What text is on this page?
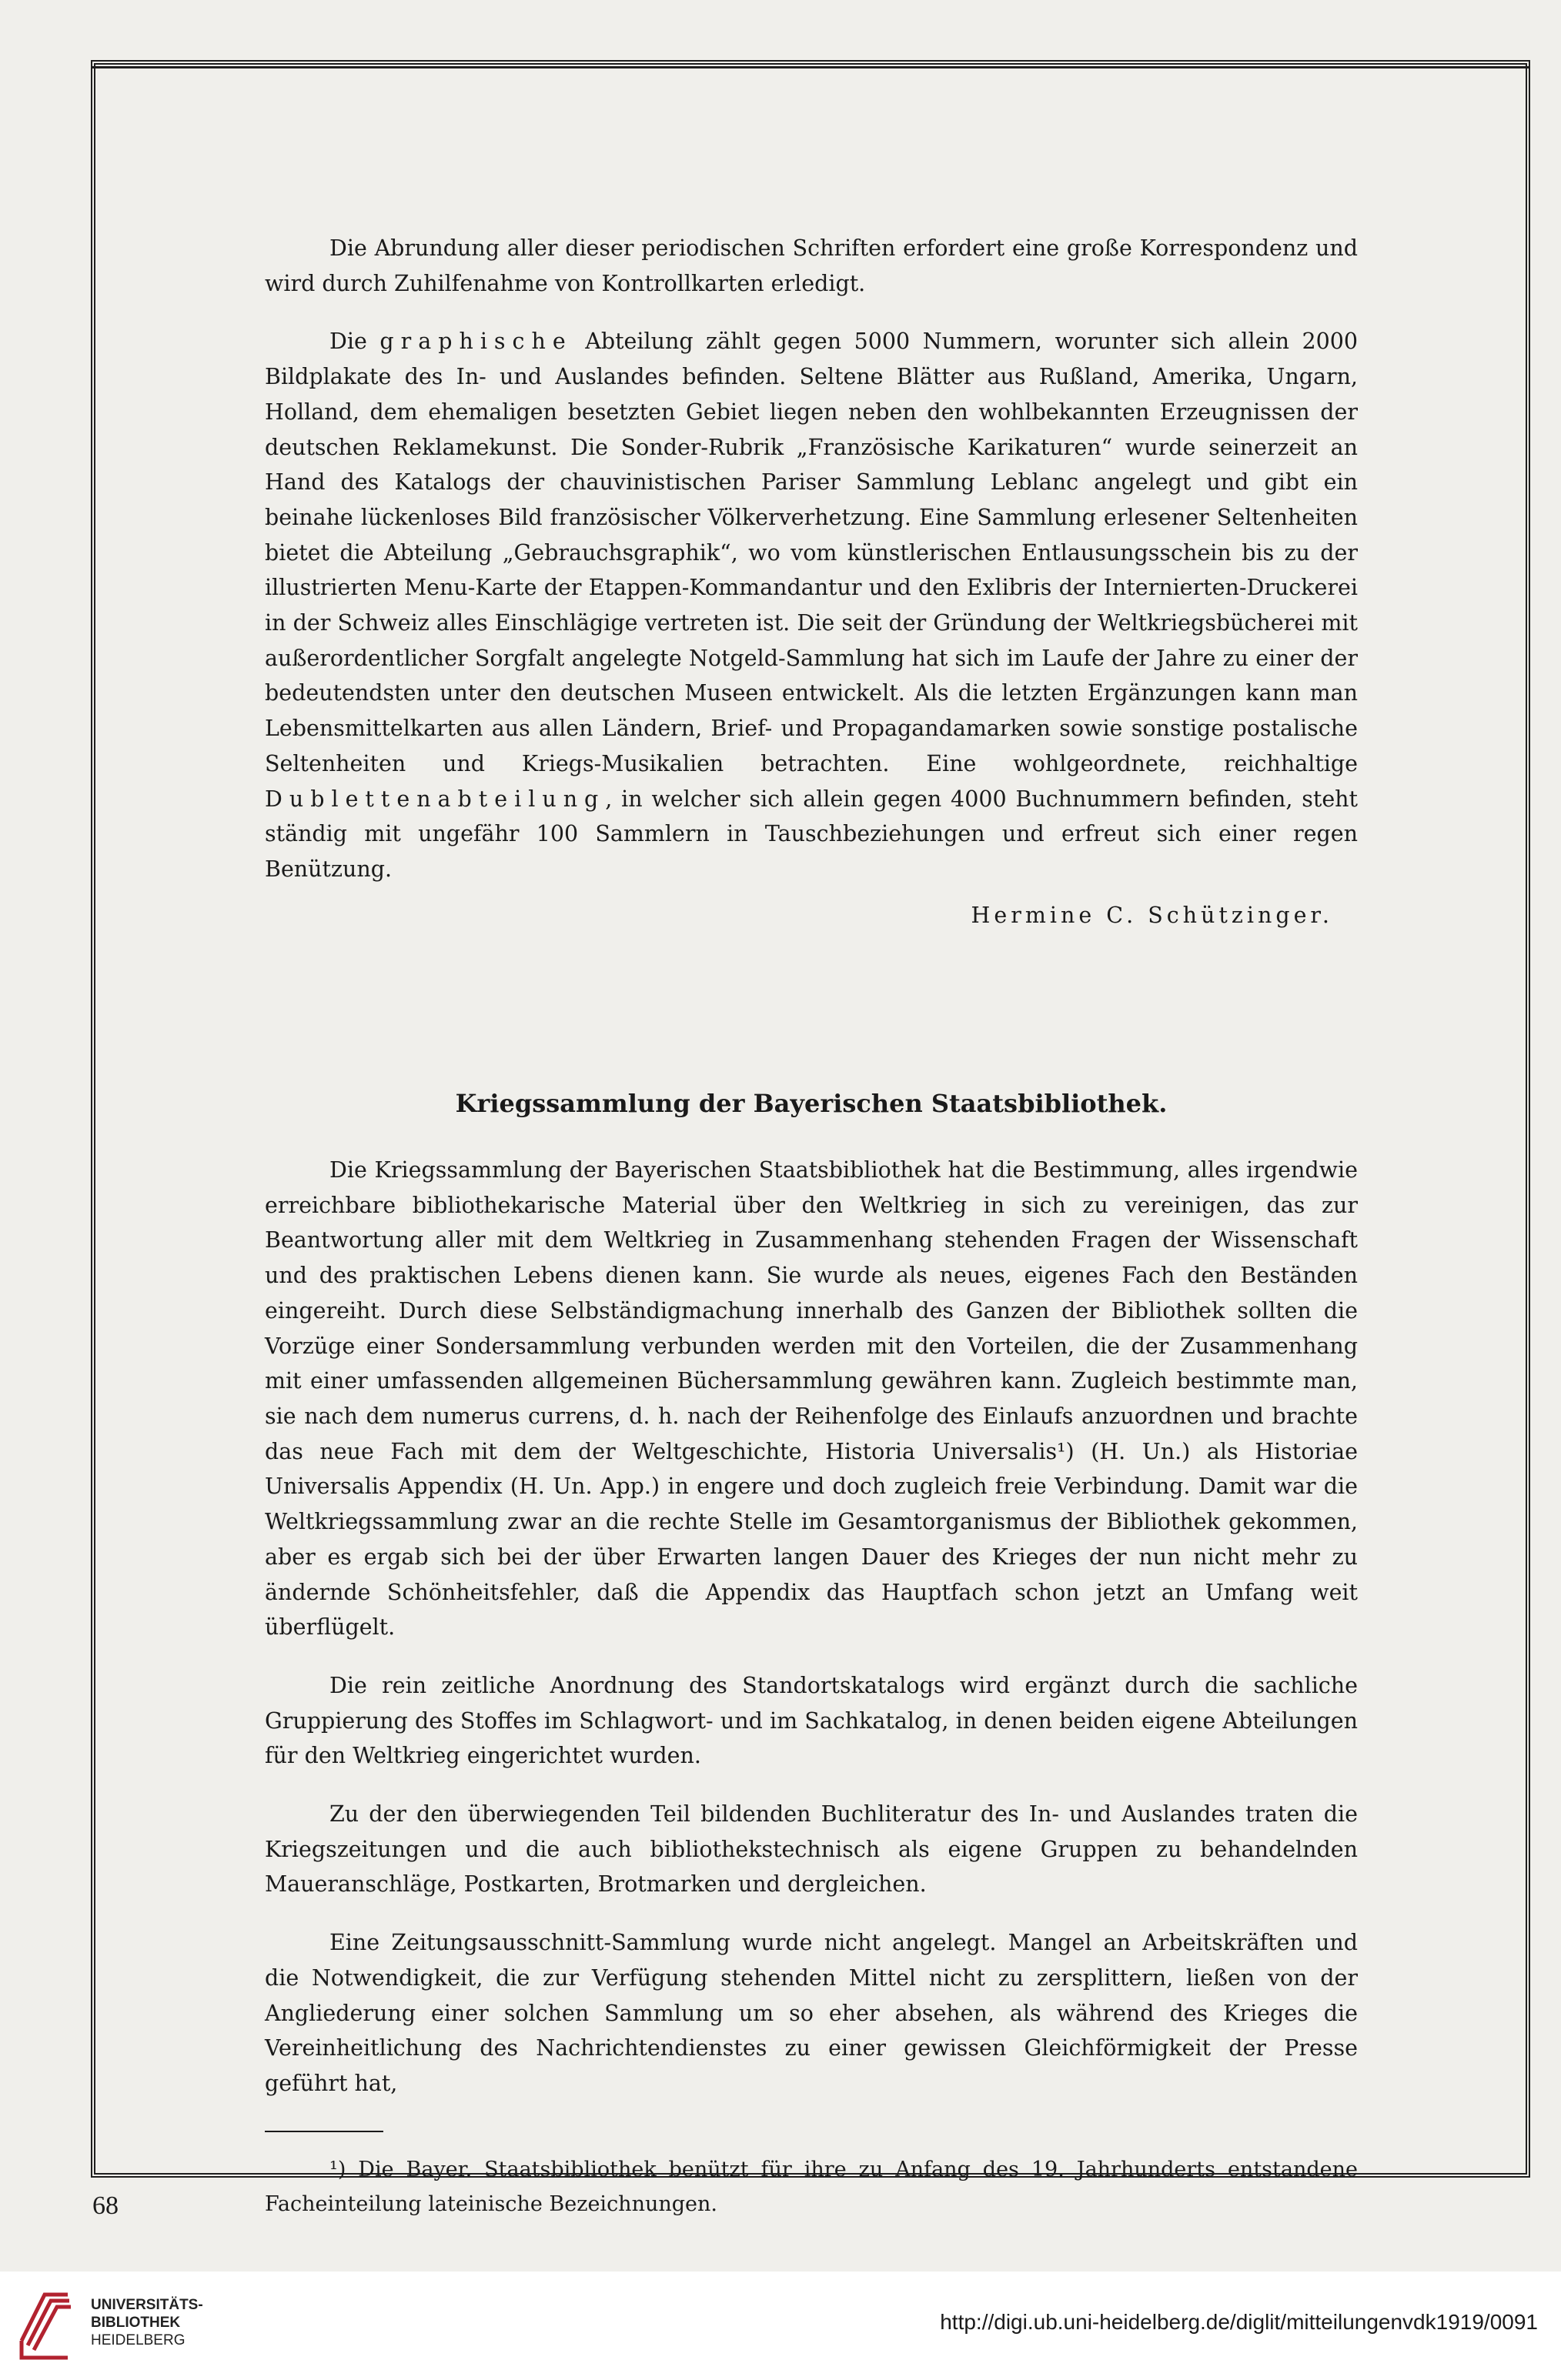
Die Abrundung aller dieser periodischen Schriften erfordert eine große Korrespondenz und wird durch Zuhilfenahme von Kontrollkarten erledigt.

Die graphische Abteilung zählt gegen 5000 Nummern, worunter sich allein 2000 Bildplakate des In- und Auslandes befinden. Seltene Blätter aus Rußland, Amerika, Ungarn, Holland, dem ehemaligen besetzten Gebiet liegen neben den wohlbekannten Erzeugnissen der deutschen Reklamekunst. Die Sonder-Rubrik „Französische Karikaturen“ wurde seinerzeit an Hand des Katalogs der chauvinistischen Pariser Sammlung Leblanc angelegt und gibt ein beinahe lückenloses Bild französischer Völkerverhetzung. Eine Sammlung erlesener Seltenheiten bietet die Abteilung „Gebrauchsgraphik“, wo vom künstlerischen Entlausungsschein bis zu der illustrierten Menu-Karte der Etappen-Kommandantur und den Exlibris der Internierten-Druckerei in der Schweiz alles Einschlägige vertreten ist. Die seit der Gründung der Weltkriegsbücherei mit außerordentlicher Sorgfalt angelegte Notgeld-Sammlung hat sich im Laufe der Jahre zu einer der bedeutendsten unter den deutschen Museen entwickelt. Als die letzten Ergänzungen kann man Lebensmittelkarten aus allen Ländern, Brief- und Propagandamarken sowie sonstige postalische Seltenheiten und Kriegs-Musikalien betrachten. Eine wohlgeordnete, reichhaltige Dublettenabteilung, in welcher sich allein gegen 4000 Buchnummern befinden, steht ständig mit ungefähr 100 Sammlern in Tauschbeziehungen und erfreut sich einer regen Benützung.

Hermine C. Schützinger.

Kriegssammlung der Bayerischen Staatsbibliothek.

Die Kriegssammlung der Bayerischen Staatsbibliothek hat die Bestimmung, alles irgendwie erreichbare bibliothekarische Material über den Weltkrieg in sich zu vereinigen, das zur Beantwortung aller mit dem Weltkrieg in Zusammenhang stehenden Fragen der Wissenschaft und des praktischen Lebens dienen kann. Sie wurde als neues, eigenes Fach den Beständen eingereiht. Durch diese Selbständigmachung innerhalb des Ganzen der Bibliothek sollten die Vorzüge einer Sondersammlung verbunden werden mit den Vorteilen, die der Zusammenhang mit einer umfassenden allgemeinen Büchersammlung gewähren kann. Zugleich bestimmte man, sie nach dem numerus currens, d. h. nach der Reihenfolge des Einlaufs anzuordnen und brachte das neue Fach mit dem der Weltgeschichte, Historia Universalis¹) (H. Un.) als Historiae Universalis Appendix (H. Un. App.) in engere und doch zugleich freie Verbindung. Damit war die Weltkriegssammlung zwar an die rechte Stelle im Gesamtorganismus der Bibliothek gekommen, aber es ergab sich bei der über Erwarten langen Dauer des Krieges der nun nicht mehr zu ändernde Schönheitsfehler, daß die Appendix das Hauptfach schon jetzt an Umfang weit überflügelt.

Die rein zeitliche Anordnung des Standortskatalogs wird ergänzt durch die sachliche Gruppierung des Stoffes im Schlagwort- und im Sachkatalog, in denen beiden eigene Abteilungen für den Weltkrieg eingerichtet wurden.

Zu der den überwiegenden Teil bildenden Buchliteratur des In- und Auslandes traten die Kriegszeitungen und die auch bibliothekstechnisch als eigene Gruppen zu behandelnden Maueranschläge, Postkarten, Brotmarken und dergleichen.

Eine Zeitungsausschnitt-Sammlung wurde nicht angelegt. Mangel an Arbeitskräften und die Notwendigkeit, die zur Verfügung stehenden Mittel nicht zu zersplittern, ließen von der Angliederung einer solchen Sammlung um so eher absehen, als während des Krieges die Vereinheitlichung des Nachrichtendienstes zu einer gewissen Gleichförmigkeit der Presse geführt hat,

¹) Die Bayer. Staatsbibliothek benützt für ihre zu Anfang des 19. Jahrhunderts entstandene Facheinteilung lateinische Bezeichnungen.

68
UNIVERSITÄTS-
BIBLIOTHEK
HEIDELBERG
http://digi.ub.uni-heidelberg.de/diglit/mitteilungenvdk1919/0091
